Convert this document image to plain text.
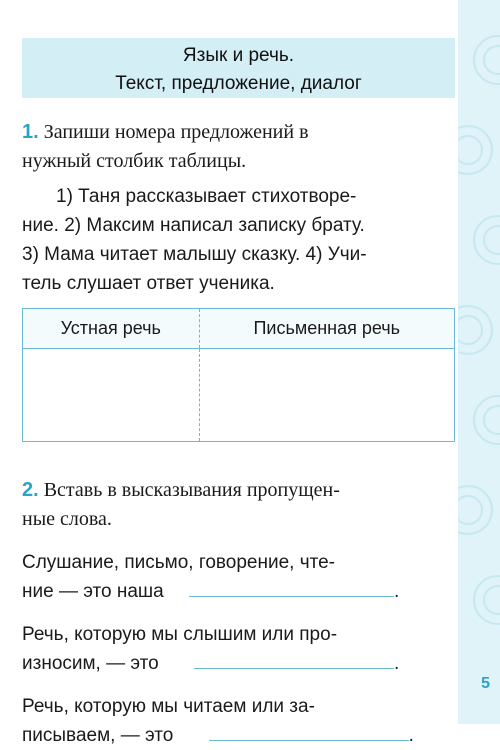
Язык и речь.
Текст, предложение, диалог

1. Запиши номера предложений в

нужный столбик таблицы.

1) Таня рассказывает стихотворе-

ние. 2) Максим написал записку брату.

3) Мама читает малышу сказку. 4) Учи-

тель слушает ответ ученика.

Устная речь	Письменная речь

2. Вставь в высказывания пропущен-

ные слова.

Слушание, письмо, говорение, чте-

ние — это наша	.

Речь, которую мы слышим или про-

износим, — это	.

Речь, которую мы читаем или за-

писываем, — это	.

5
